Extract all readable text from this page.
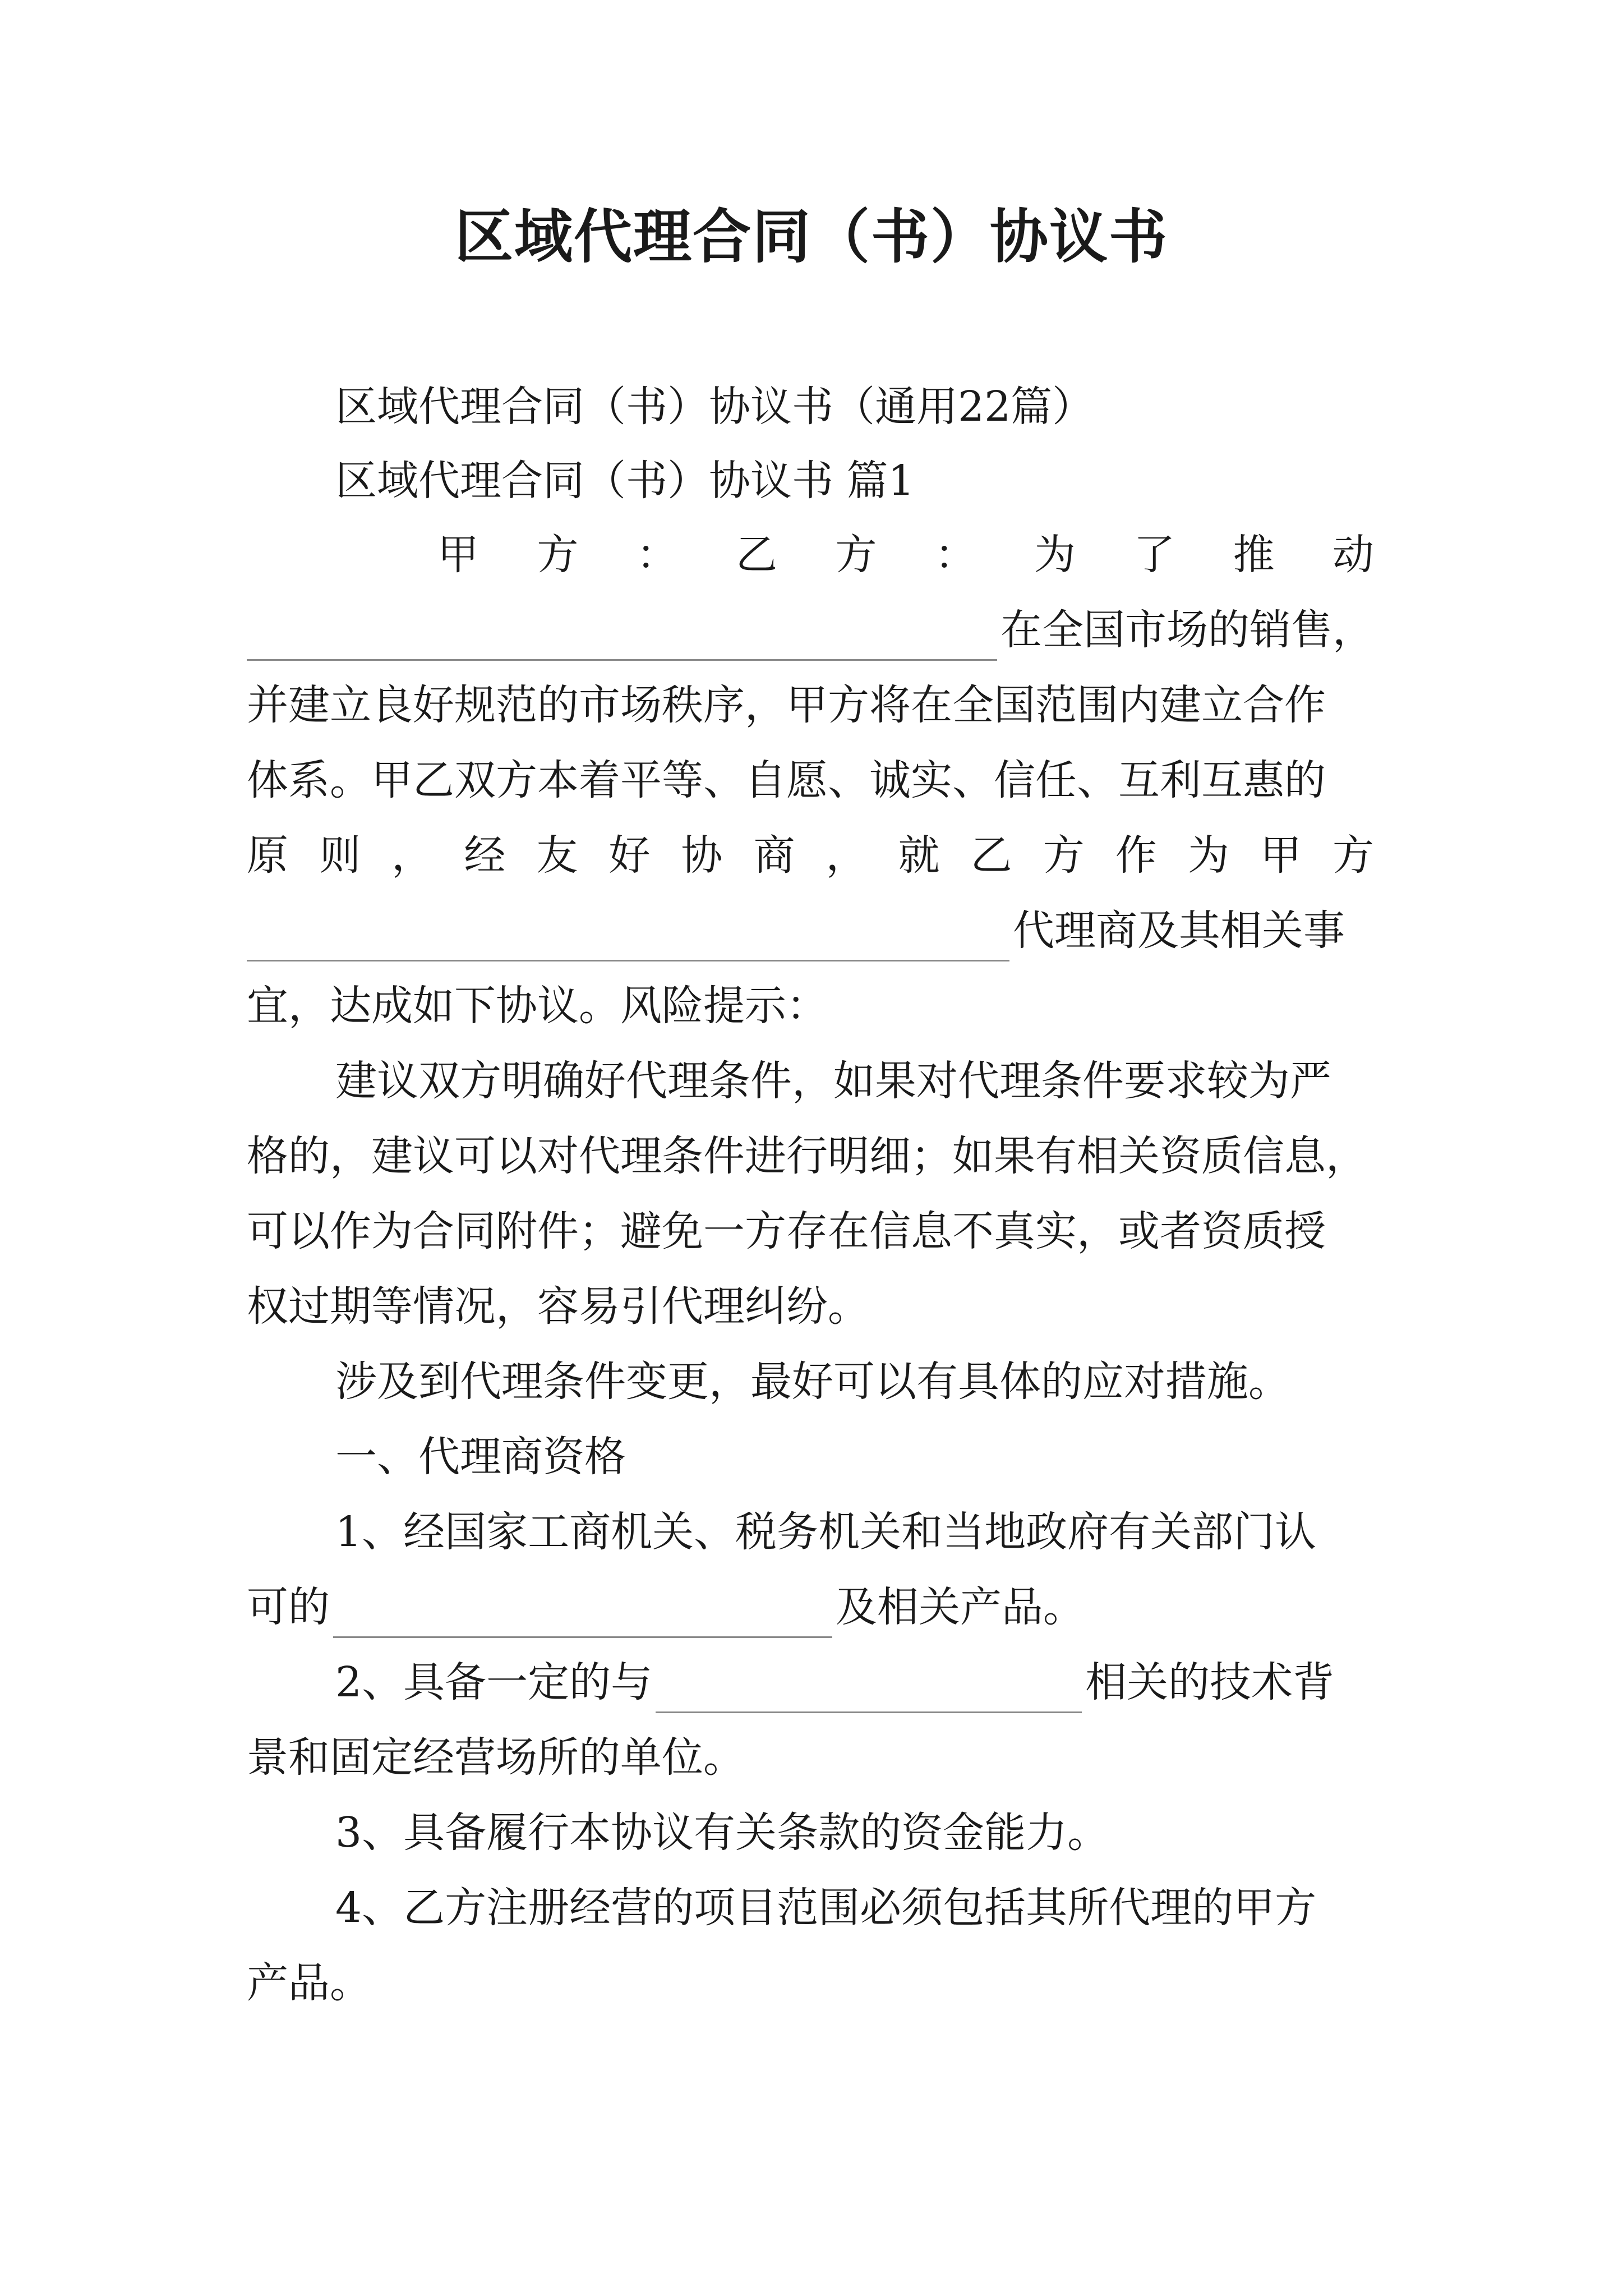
区域代理合同（书）协议书
区域代理合同（书）协议书（通用22篇）
区域代理合同（书）协议书 篇1
甲 方 ： 乙 方 ： 为 了 推 动
在全国市场的销售，
并建立良好规范的市场秩序，甲方将在全国范围内建立合作
体系。甲乙双方本着平等、自愿、诚实、信任、互利互惠的
原 则 ， 经 友 好 协 商 ， 就 乙 方 作 为 甲 方
代理商及其相关事
宜，达成如下协议。风险提示：
建议双方明确好代理条件，如果对代理条件要求较为严
格的，建议可以对代理条件进行明细；如果有相关资质信息，
可以作为合同附件；避免一方存在信息不真实，或者资质授
权过期等情况，容易引代理纠纷。
涉及到代理条件变更，最好可以有具体的应对措施。
一、代理商资格
1、经国家工商机关、税务机关和当地政府有关部门认
可的	及相关产品。
2、具备一定的与	相关的技术背
景和固定经营场所的单位。
3、具备履行本协议有关条款的资金能力。
4、乙方注册经营的项目范围必须包括其所代理的甲方
产品。
